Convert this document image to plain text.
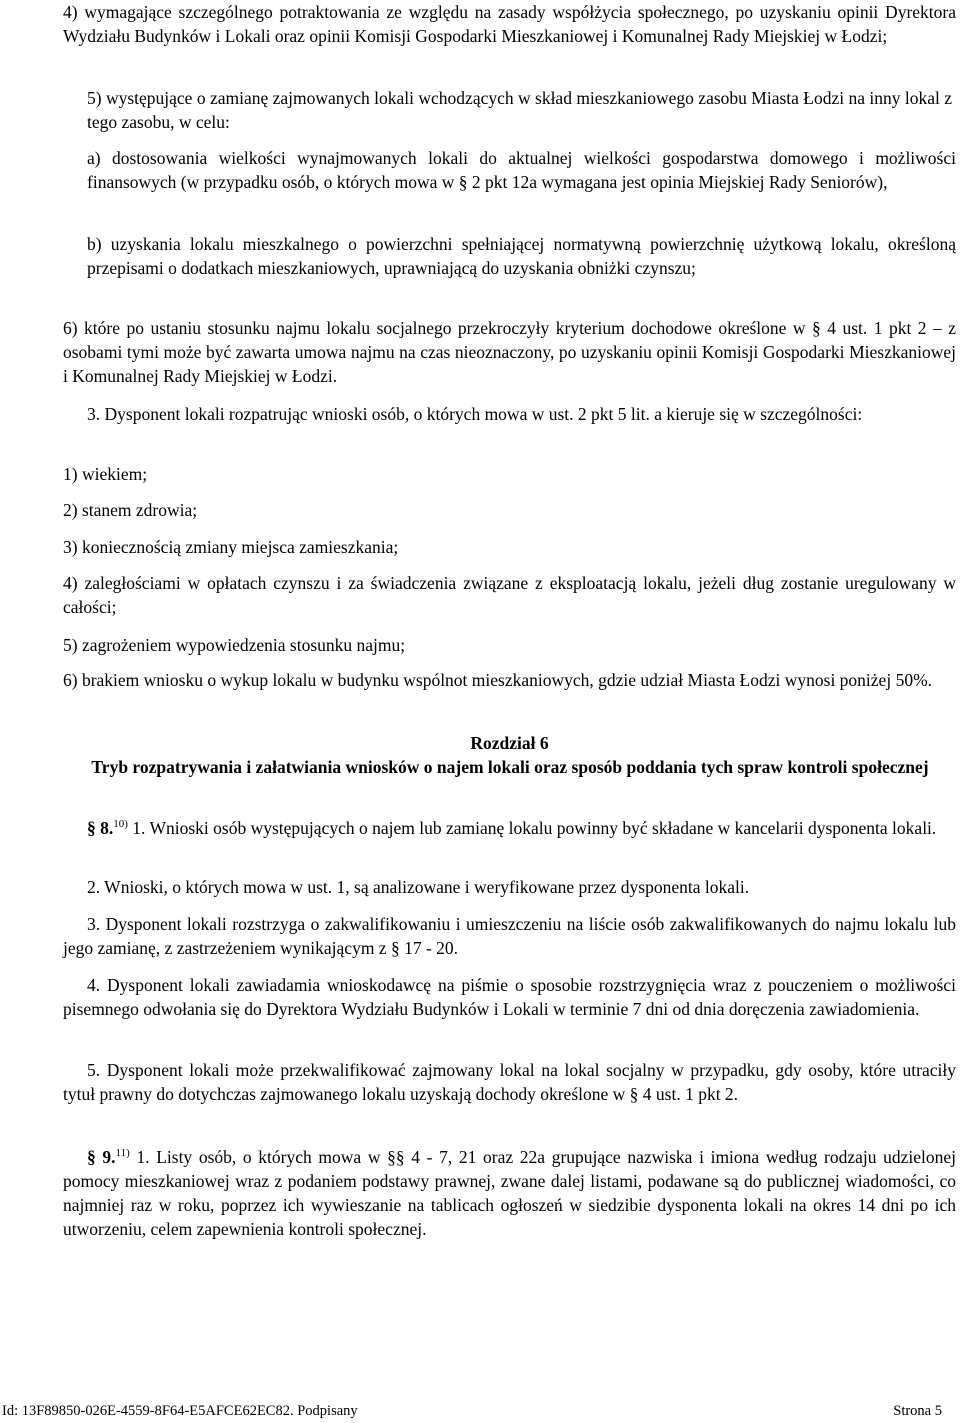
4) wymagające szczególnego potraktowania ze względu na zasady współżycia społecznego, po uzyskaniu opinii Dyrektora Wydziału Budynków i Lokali oraz opinii Komisji Gospodarki Mieszkaniowej i Komunalnej Rady Miejskiej w Łodzi;
5) występujące o zamianę zajmowanych lokali wchodzących w skład mieszkaniowego zasobu Miasta Łodzi na inny lokal z tego zasobu, w celu:
a) dostosowania wielkości wynajmowanych lokali do aktualnej wielkości gospodarstwa domowego i możliwości finansowych (w przypadku osób, o których mowa w § 2 pkt 12a wymagana jest opinia Miejskiej Rady Seniorów),
b) uzyskania lokalu mieszkalnego o powierzchni spełniającej normatywną powierzchnię użytkową lokalu, określoną przepisami o dodatkach mieszkaniowych, uprawniającą do uzyskania obniżki czynszu;
6) które po ustaniu stosunku najmu lokalu socjalnego przekroczyły kryterium dochodowe określone w § 4 ust. 1 pkt 2 – z osobami tymi może być zawarta umowa najmu na czas nieoznaczony, po uzyskaniu opinii Komisji Gospodarki Mieszkaniowej i Komunalnej Rady Miejskiej w Łodzi.
3. Dysponent lokali rozpatrując wnioski osób, o których mowa w ust. 2 pkt 5 lit. a kieruje się w szczególności:
1) wiekiem;
2) stanem zdrowia;
3) koniecznością zmiany miejsca zamieszkania;
4) zaległościami w opłatach czynszu i za świadczenia związane z eksploatacją lokalu, jeżeli dług zostanie uregulowany w całości;
5) zagrożeniem wypowiedzenia stosunku najmu;
6) brakiem wniosku o wykup lokalu w budynku wspólnot mieszkaniowych, gdzie udział Miasta Łodzi wynosi poniżej 50%.
Rozdział 6
Tryb rozpatrywania i załatwiania wniosków o najem lokali oraz sposób poddania tych spraw kontroli społecznej
§ 8.$^{10)}$ 1. Wnioski osób występujących o najem lub zamianę lokalu powinny być składane w kancelarii dysponenta lokali.
2. Wnioski, o których mowa w ust. 1, są analizowane i weryfikowane przez dysponenta lokali.
3. Dysponent lokali rozstrzyga o zakwalifikowaniu i umieszczeniu na liście osób zakwalifikowanych do najmu lokalu lub jego zamianę, z zastrzeżeniem wynikającym z § 17 - 20.
4. Dysponent lokali zawiadamia wnioskodawcę na piśmie o sposobie rozstrzygnięcia wraz z pouczeniem o możliwości pisemnego odwołania się do Dyrektora Wydziału Budynków i Lokali w terminie 7 dni od dnia doręczenia zawiadomienia.
5. Dysponent lokali może przekwalifikować zajmowany lokal na lokal socjalny w przypadku, gdy osoby, które utraciły tytuł prawny do dotychczas zajmowanego lokalu uzyskają dochody określone w § 4 ust. 1 pkt 2.
§ 9.$^{11)}$ 1. Listy osób, o których mowa w §§ 4 - 7, 21 oraz 22a grupujące nazwiska i imiona według rodzaju udzielonej pomocy mieszkaniowej wraz z podaniem podstawy prawnej, zwane dalej listami, podawane są do publicznej wiadomości, co najmniej raz w roku, poprzez ich wywieszanie na tablicach ogłoszeń w siedzibie dysponenta lokali na okres 14 dni po ich utworzeniu, celem zapewnienia kontroli społecznej.
Id: 13F89850-026E-4559-8F64-E5AFCE62EC82. Podpisany	Strona 5
